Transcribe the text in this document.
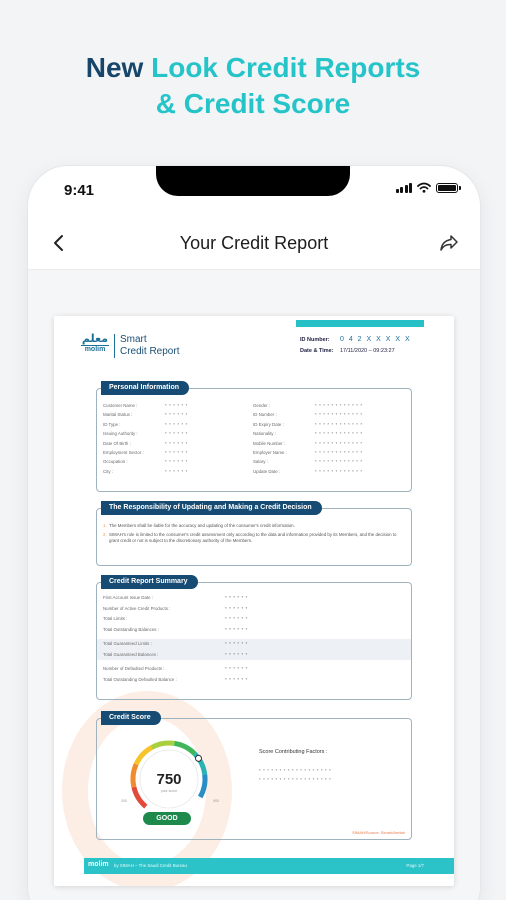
New Look Credit Reports
& Credit Score
9:41
Your Credit Report
ﻣﻌﻠﻢ
molim
Smart
Credit Report
ID Number: 0 4 2 X X X X X
Date & Time: 17/11/2020 – 09:23:27
Personal Information
Customer Name :	* * * * * *
Marital Status :	* * * * * *
ID Type :	* * * * * *
Issuing Authority :	* * * * * *
Date Of Birth :	* * * * * *
Employment Sector :	* * * * * *
Occupation :	* * * * * *
City :	* * * * * *
Gender :	* * * * * * * * * * * *
ID Number :	* * * * * * * * * * * *
ID Expiry Date :	* * * * * * * * * * * *
Nationality :	* * * * * * * * * * * *
Mobile Number :	* * * * * * * * * * * *
Employer Name :	* * * * * * * * * * * *
Salary :	* * * * * * * * * * * *
Update Date :	* * * * * * * * * * * *
The Responsibility of Updating and Making a Credit Decision
1. The Members shall be liable for the accuracy and updating of the consumer's credit information.
2. SIMAH's role is limited to the consumer's credit assessment only according to the data and information provided by its Members, and the decision to grant credit or not is subject to the discretionary authority of the Members.
Credit Report Summary
First Account Issue Date :	* * * * * *
Number of Active Credit Products :	* * * * * *
Total Limits :	* * * * * *
Total Outstanding Balances :	* * * * * *
Total Guaranteed Limits :	* * * * * *
Total Guaranteed Balances :	* * * * * *
Number of Defaulted Products :	* * * * * *
Total Outstanding Defaulted Balance :	* * * * * *
Credit Score
750
your score
300	900
GOOD
Score Contributing Factors :
* * * * * * * * * * * * * * * * * *
* * * * * * * * * * * * * * * * * *
SIMAH/Source: Simah/Arrifah
molim by SIMAH – The Saudi Credit Bureau	Page 1/7
